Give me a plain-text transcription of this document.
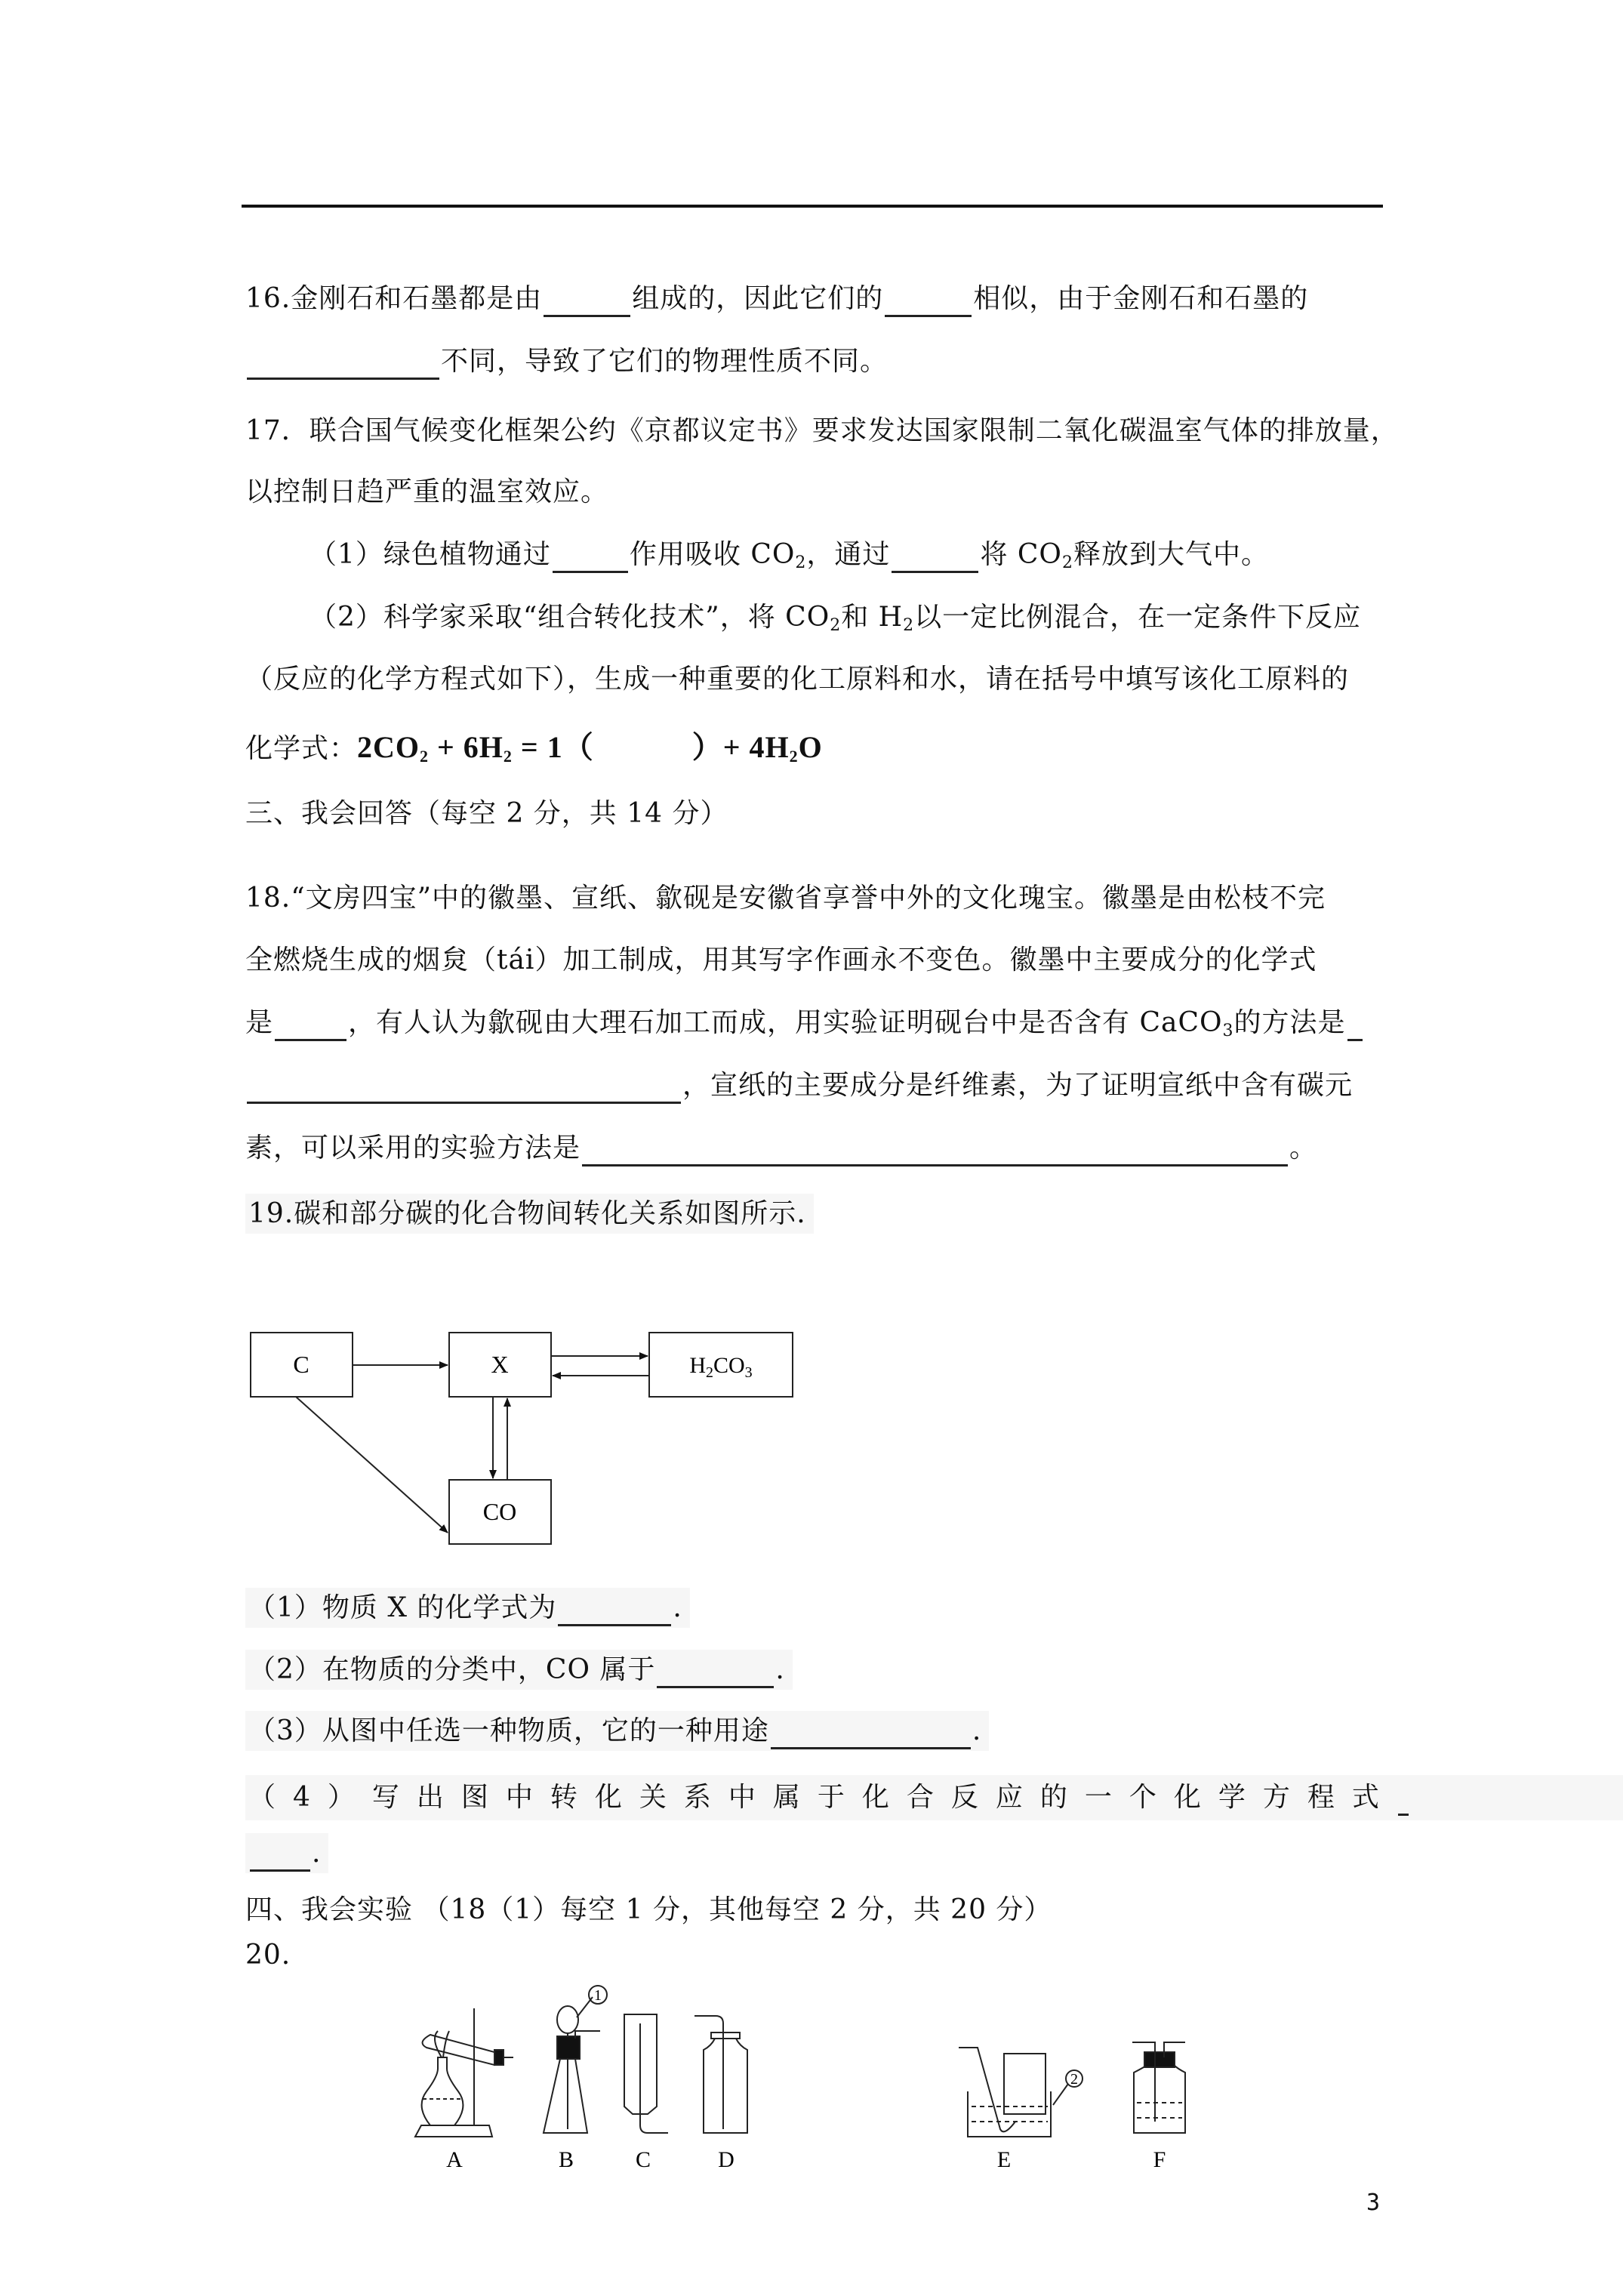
16.金刚石和石墨都是由	组成的，因此它们的	相似，由于金刚石和石墨的
不同，导致了它们的物理性质不同。
17．联合国气候变化框架公约《京都议定书》要求发达国家限制二氧化碳温室气体的排放量，
以控制日趋严重的温室效应。
（1）绿色植物通过	作用吸收 $CO_2$，通过	将 $CO_2$释放到大气中。
（2）科学家采取“组合转化技术”，将 $CO_2$和 $H_2$以一定比例混合，在一定条件下反应
（反应的化学方程式如下），生成一种重要的化工原料和水，请在括号中填写该化工原料的
化学式：$2CO_2 + 6H_2 = 1$（	）+ $4H_2O$
三、我会回答（每空 2 分，共 14 分）
18.“文房四宝”中的徽墨、宣纸、歙砚是安徽省享誉中外的文化瑰宝。徽墨是由松枝不完
全燃烧生成的烟炱（tái）加工制成，用其写字作画永不变色。徽墨中主要成分的化学式
是	，有人认为歙砚由大理石加工而成，用实验证明砚台中是否含有 CaCO$_3$的方法是
，宣纸的主要成分是纤维素，为了证明宣纸中含有碳元
素，可以采用的实验方法是	。
19.碳和部分碳的化合物间转化关系如图所示.
C	X	$H_2CO_3$
CO
（1）物质 X 的化学式为	.
（2）在物质的分类中，CO 属于	.
（3）从图中任选一种物质，它的一种用途	.
（4）写出图中转化关系中属于化合反应的一个化学方程式
.
四、我会实验 （18（1）每空 1 分，其他每空 2 分，共 20 分）
20.
1
2
A	B	C	D	E	F
3
